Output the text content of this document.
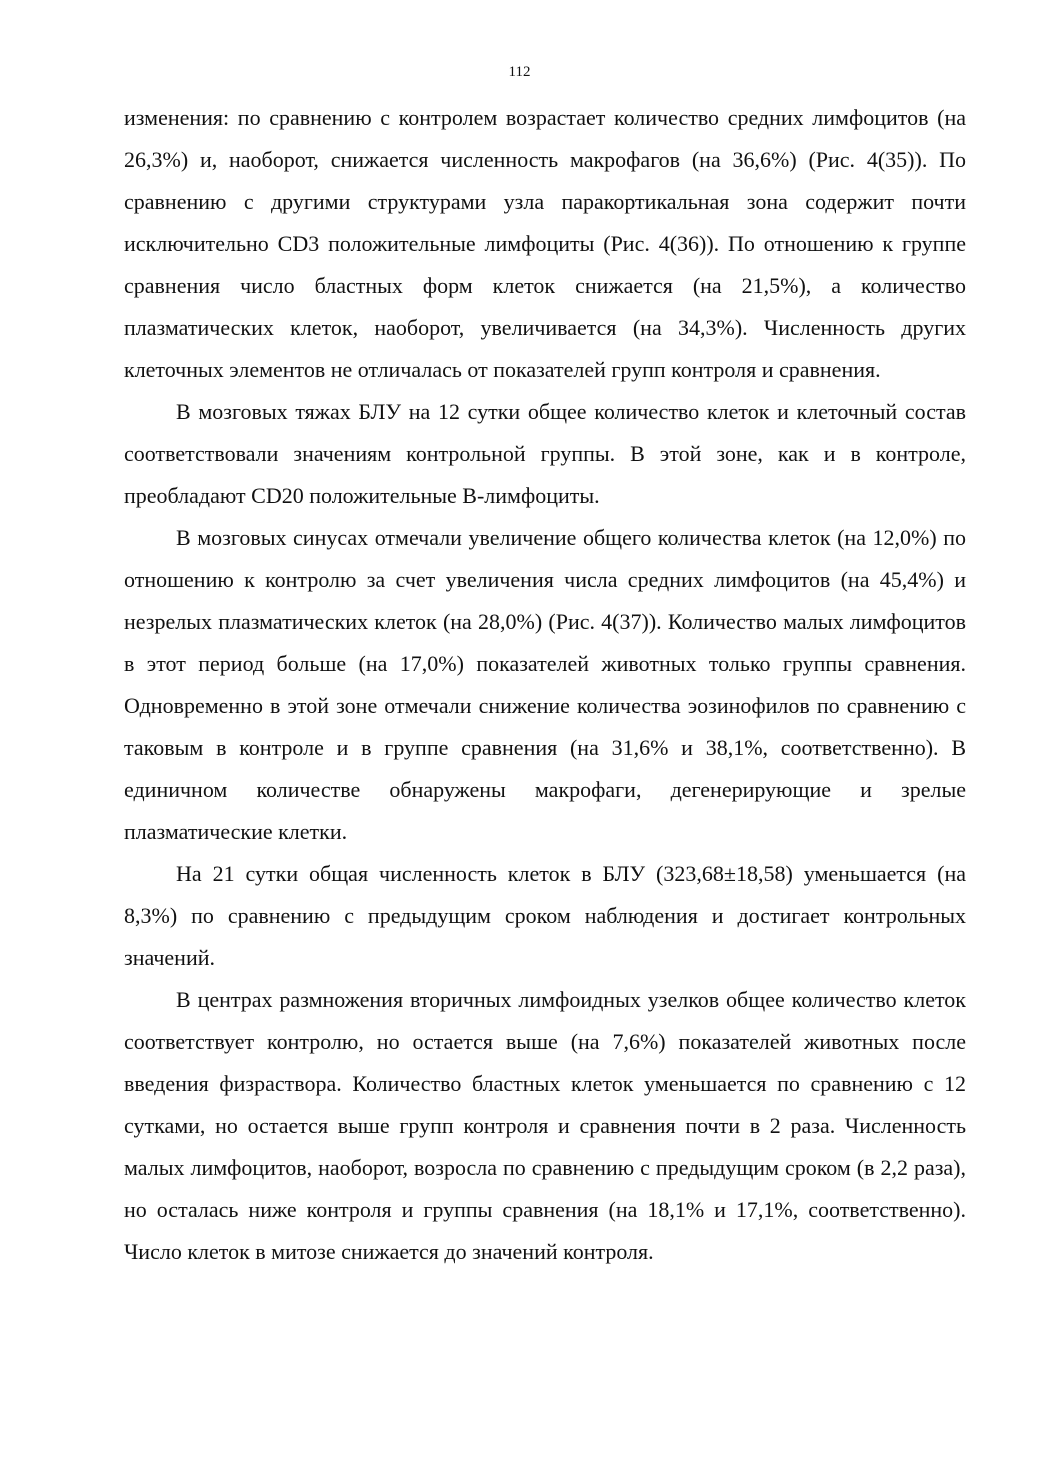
112

изменения: по сравнению с контролем возрастает количество средних лимфоцитов (на 26,3%) и, наоборот, снижается численность макрофагов (на 36,6%) (Рис. 4(35)). По сравнению с другими структурами узла паракортикальная зона содержит почти исключительно CD3 положительные лимфоциты (Рис. 4(36)). По отношению к группе сравнения число бластных форм клеток снижается (на 21,5%), а количество плазматических клеток, наоборот, увеличивается (на 34,3%). Численность других клеточных элементов не отличалась от показателей групп контроля и сравнения.

В мозговых тяжах БЛУ на 12 сутки общее количество клеток и клеточный состав соответствовали значениям контрольной группы. В этой зоне, как и в контроле, преобладают CD20 положительные B-лимфоциты.

В мозговых синусах отмечали увеличение общего количества клеток (на 12,0%) по отношению к контролю за счет увеличения числа средних лимфоцитов (на 45,4%) и незрелых плазматических клеток (на 28,0%) (Рис. 4(37)). Количество малых лимфоцитов в этот период больше (на 17,0%) показателей животных только группы сравнения. Одновременно в этой зоне отмечали снижение количества эозинофилов по сравнению с таковым в контроле и в группе сравнения (на 31,6% и 38,1%, соответственно). В единичном количестве обнаружены макрофаги, дегенерирующие и зрелые плазматические клетки.

На 21 сутки общая численность клеток в БЛУ (323,68±18,58) уменьшается (на 8,3%) по сравнению с предыдущим сроком наблюдения и достигает контрольных значений.

В центрах размножения вторичных лимфоидных узелков общее количество клеток соответствует контролю, но остается выше (на 7,6%) показателей животных после введения физраствора. Количество бластных клеток уменьшается по сравнению с 12 сутками, но остается выше групп контроля и сравнения почти в 2 раза. Численность малых лимфоцитов, наоборот, возросла по сравнению с предыдущим сроком (в 2,2 раза), но осталась ниже контроля и группы сравнения (на 18,1% и 17,1%, соответственно). Число клеток в митозе снижается до значений контроля.
